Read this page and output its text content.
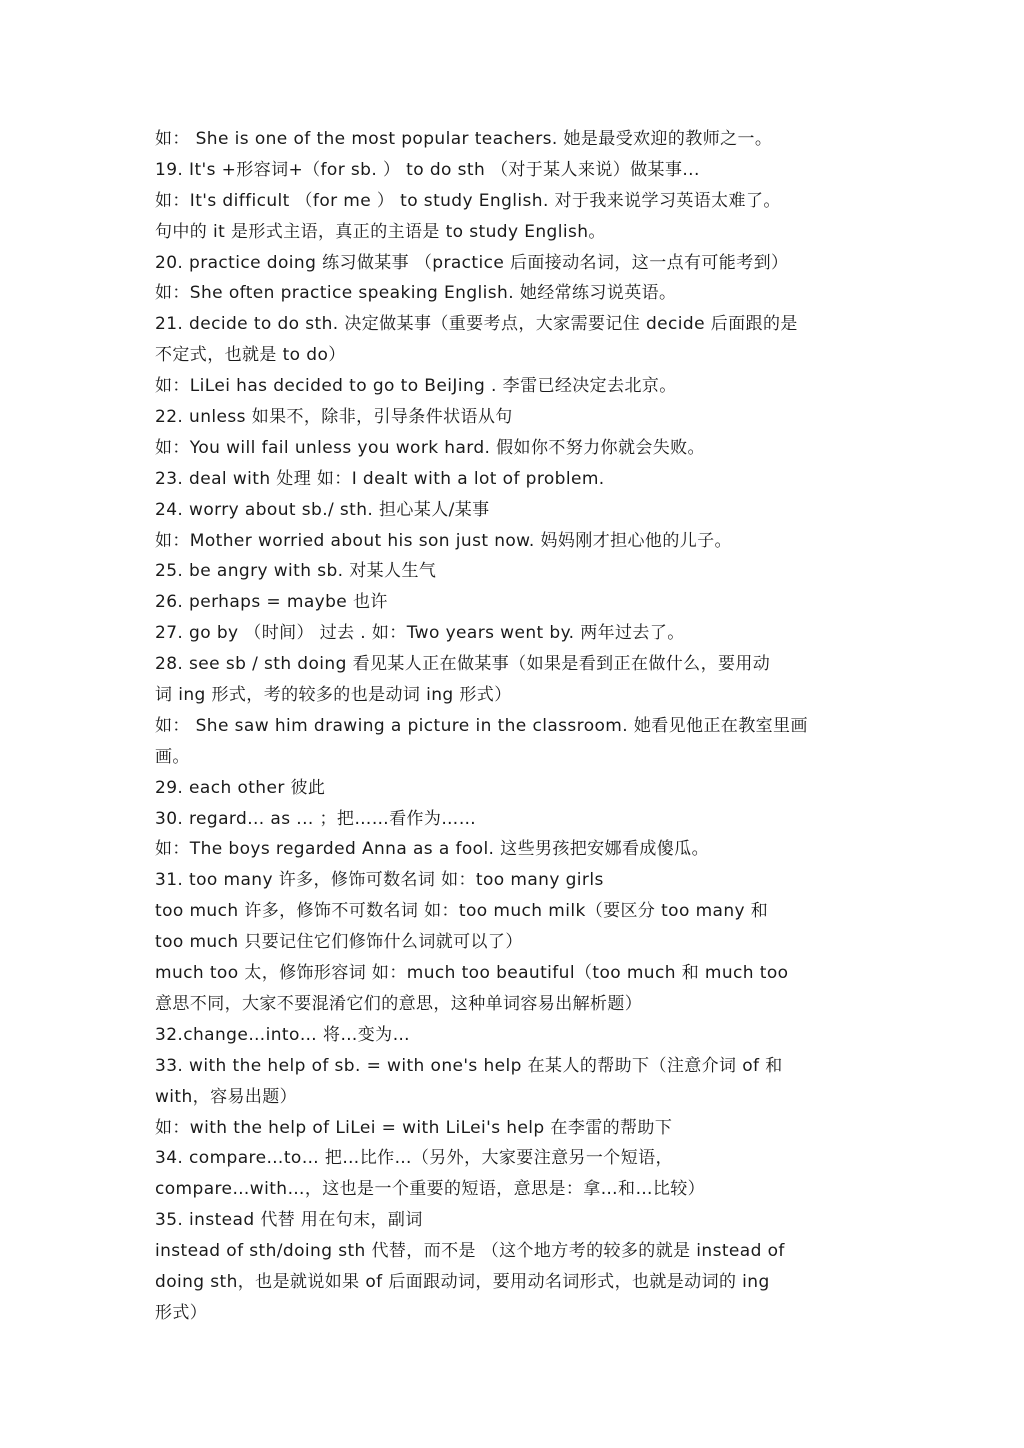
如： She is one of the most popular teachers. 她是最受欢迎的教师之一。
19. It's +形容词+（for sb. ） to do sth （对于某人来说）做某事...
如：It's difficult （for me ） to study English. 对于我来说学习英语太难了。
句中的 it 是形式主语，真正的主语是 to study English。
20. practice doing 练习做某事 （practice 后面接动名词，这一点有可能考到）
如：She often practice speaking English. 她经常练习说英语。
21. decide to do sth. 决定做某事（重要考点，大家需要记住 decide 后面跟的是
不定式，也就是 to do）
如：LiLei has decided to go to BeiJing . 李雷已经决定去北京。
22. unless 如果不，除非，引导条件状语从句
如：You will fail unless you work hard. 假如你不努力你就会失败。
23. deal with 处理 如：I dealt with a lot of problem.
24. worry about sb./ sth. 担心某人/某事
如：Mother worried about his son just now. 妈妈刚才担心他的儿子。
25. be angry with sb. 对某人生气
26. perhaps = maybe 也许
27. go by （时间） 过去 . 如：Two years went by. 两年过去了。
28. see sb / sth doing 看见某人正在做某事（如果是看到正在做什么，要用动
词 ing 形式，考的较多的也是动词 ing 形式）
如： She saw him drawing a picture in the classroom. 她看见他正在教室里画
画。
29. each other 彼此
30. regard... as ... ；把……看作为……
如：The boys regarded Anna as a fool. 这些男孩把安娜看成傻瓜。
31. too many 许多，修饰可数名词 如：too many girls
too much 许多，修饰不可数名词 如：too much milk（要区分 too many 和
too much 只要记住它们修饰什么词就可以了）
much too 太，修饰形容词 如：much too beautiful（too much 和 much too
意思不同，大家不要混淆它们的意思，这种单词容易出解析题）
32.change…into… 将…变为…
33. with the help of sb. = with one's help 在某人的帮助下（注意介词 of 和
with，容易出题）
如：with the help of LiLei = with LiLei's help 在李雷的帮助下
34. compare…to… 把…比作…（另外，大家要注意另一个短语，
compare…with…，这也是一个重要的短语，意思是：拿…和…比较）
35. instead 代替 用在句末，副词
instead of sth/doing sth 代替，而不是 （这个地方考的较多的就是 instead of
doing sth，也是就说如果 of 后面跟动词，要用动名词形式，也就是动词的 ing
形式）
